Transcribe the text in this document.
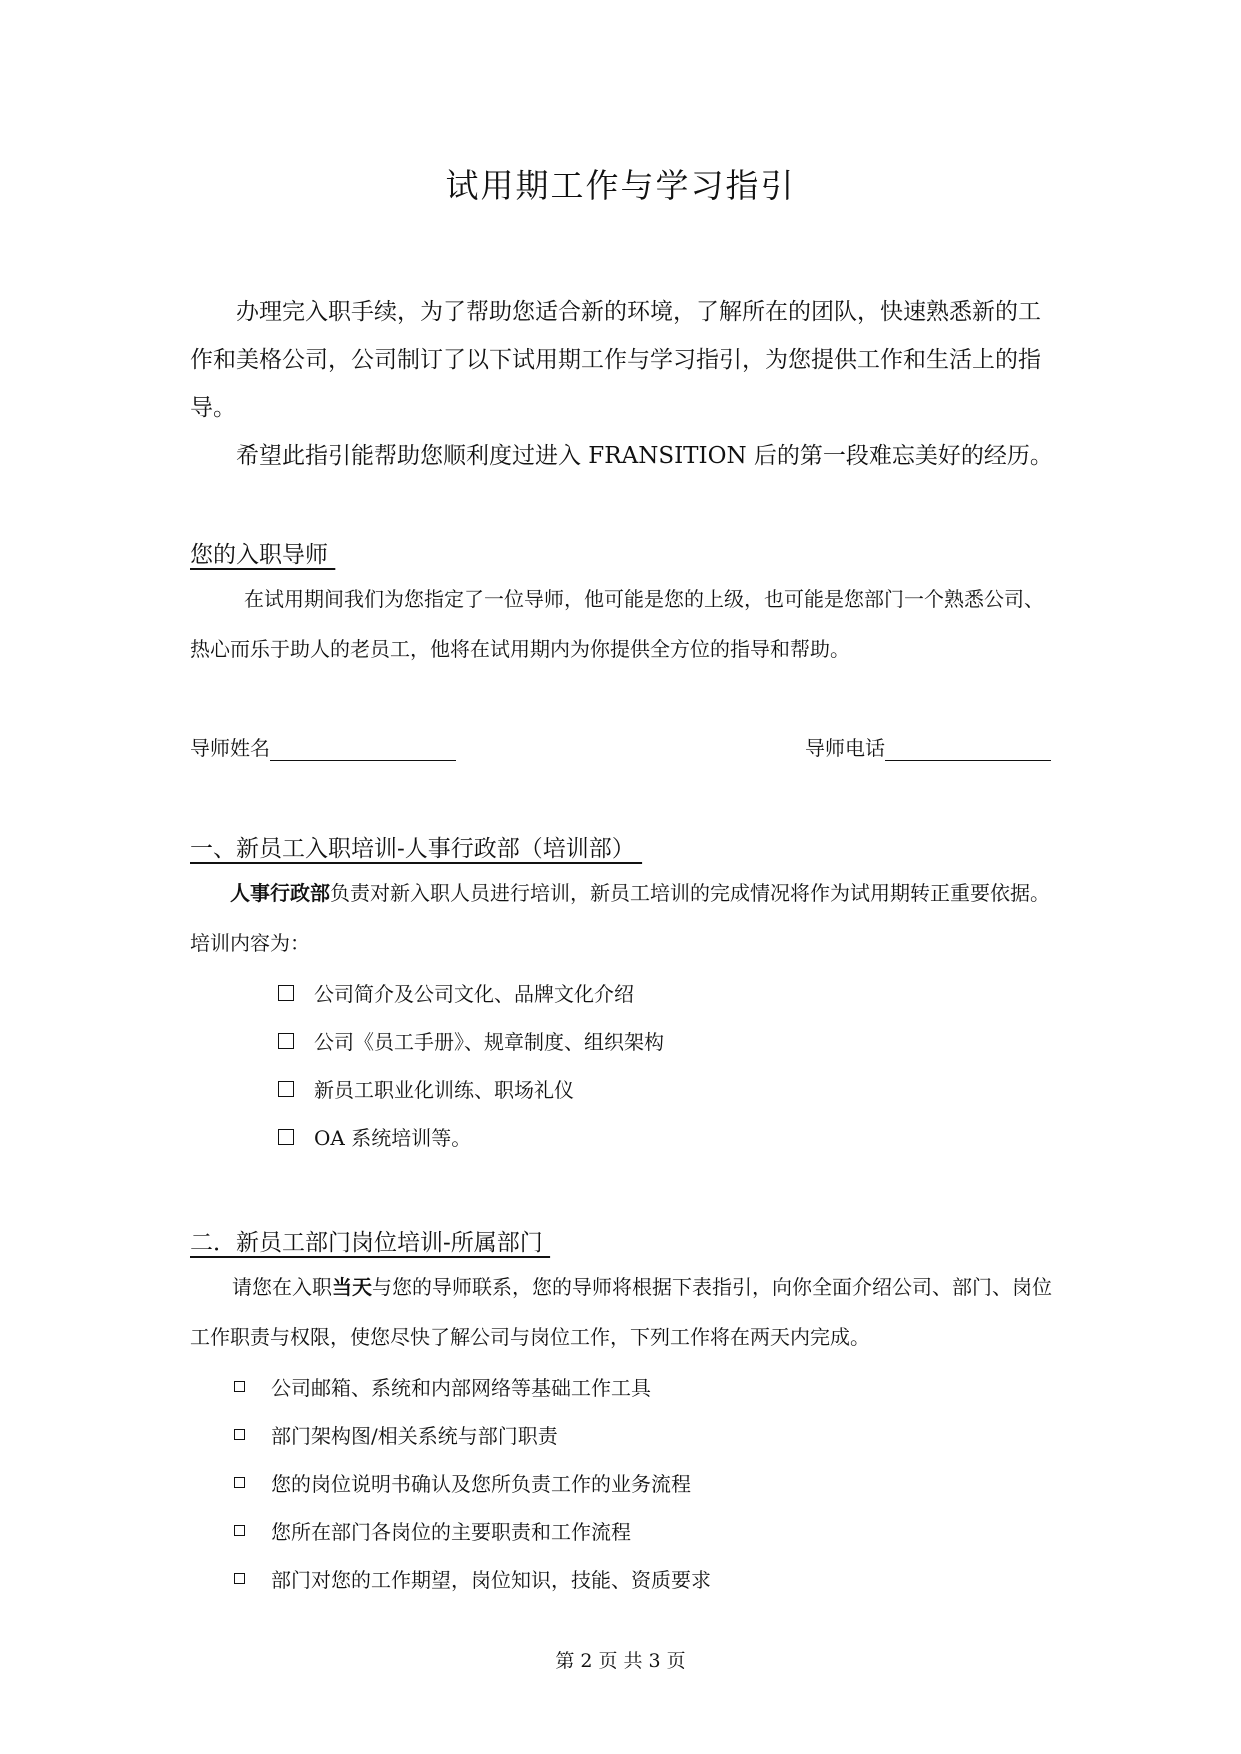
试用期工作与学习指引
办理完入职手续，为了帮助您适合新的环境，了解所在的团队，快速熟悉新的工作和美格公司，公司制订了以下试用期工作与学习指引，为您提供工作和生活上的指导。
希望此指引能帮助您顺利度过进入 FRANSITION 后的第一段难忘美好的经历。
您的入职导师
在试用期间我们为您指定了一位导师，他可能是您的上级，也可能是您部门一个熟悉公司、热心而乐于助人的老员工，他将在试用期内为你提供全方位的指导和帮助。
导师姓名	导师电话
一、新员工入职培训-人事行政部（培训部）
人事行政部负责对新入职人员进行培训，新员工培训的完成情况将作为试用期转正重要依据。培训内容为：
公司简介及公司文化、品牌文化介绍
公司《员工手册》、规章制度、组织架构
新员工职业化训练、职场礼仪
OA 系统培训等。
二．新员工部门岗位培训-所属部门
请您在入职当天与您的导师联系，您的导师将根据下表指引，向你全面介绍公司、部门、岗位工作职责与权限，使您尽快了解公司与岗位工作，下列工作将在两天内完成。
公司邮箱、系统和内部网络等基础工作工具
部门架构图/相关系统与部门职责
您的岗位说明书确认及您所负责工作的业务流程
您所在部门各岗位的主要职责和工作流程
部门对您的工作期望，岗位知识，技能、资质要求
第 2 页 共 3 页
